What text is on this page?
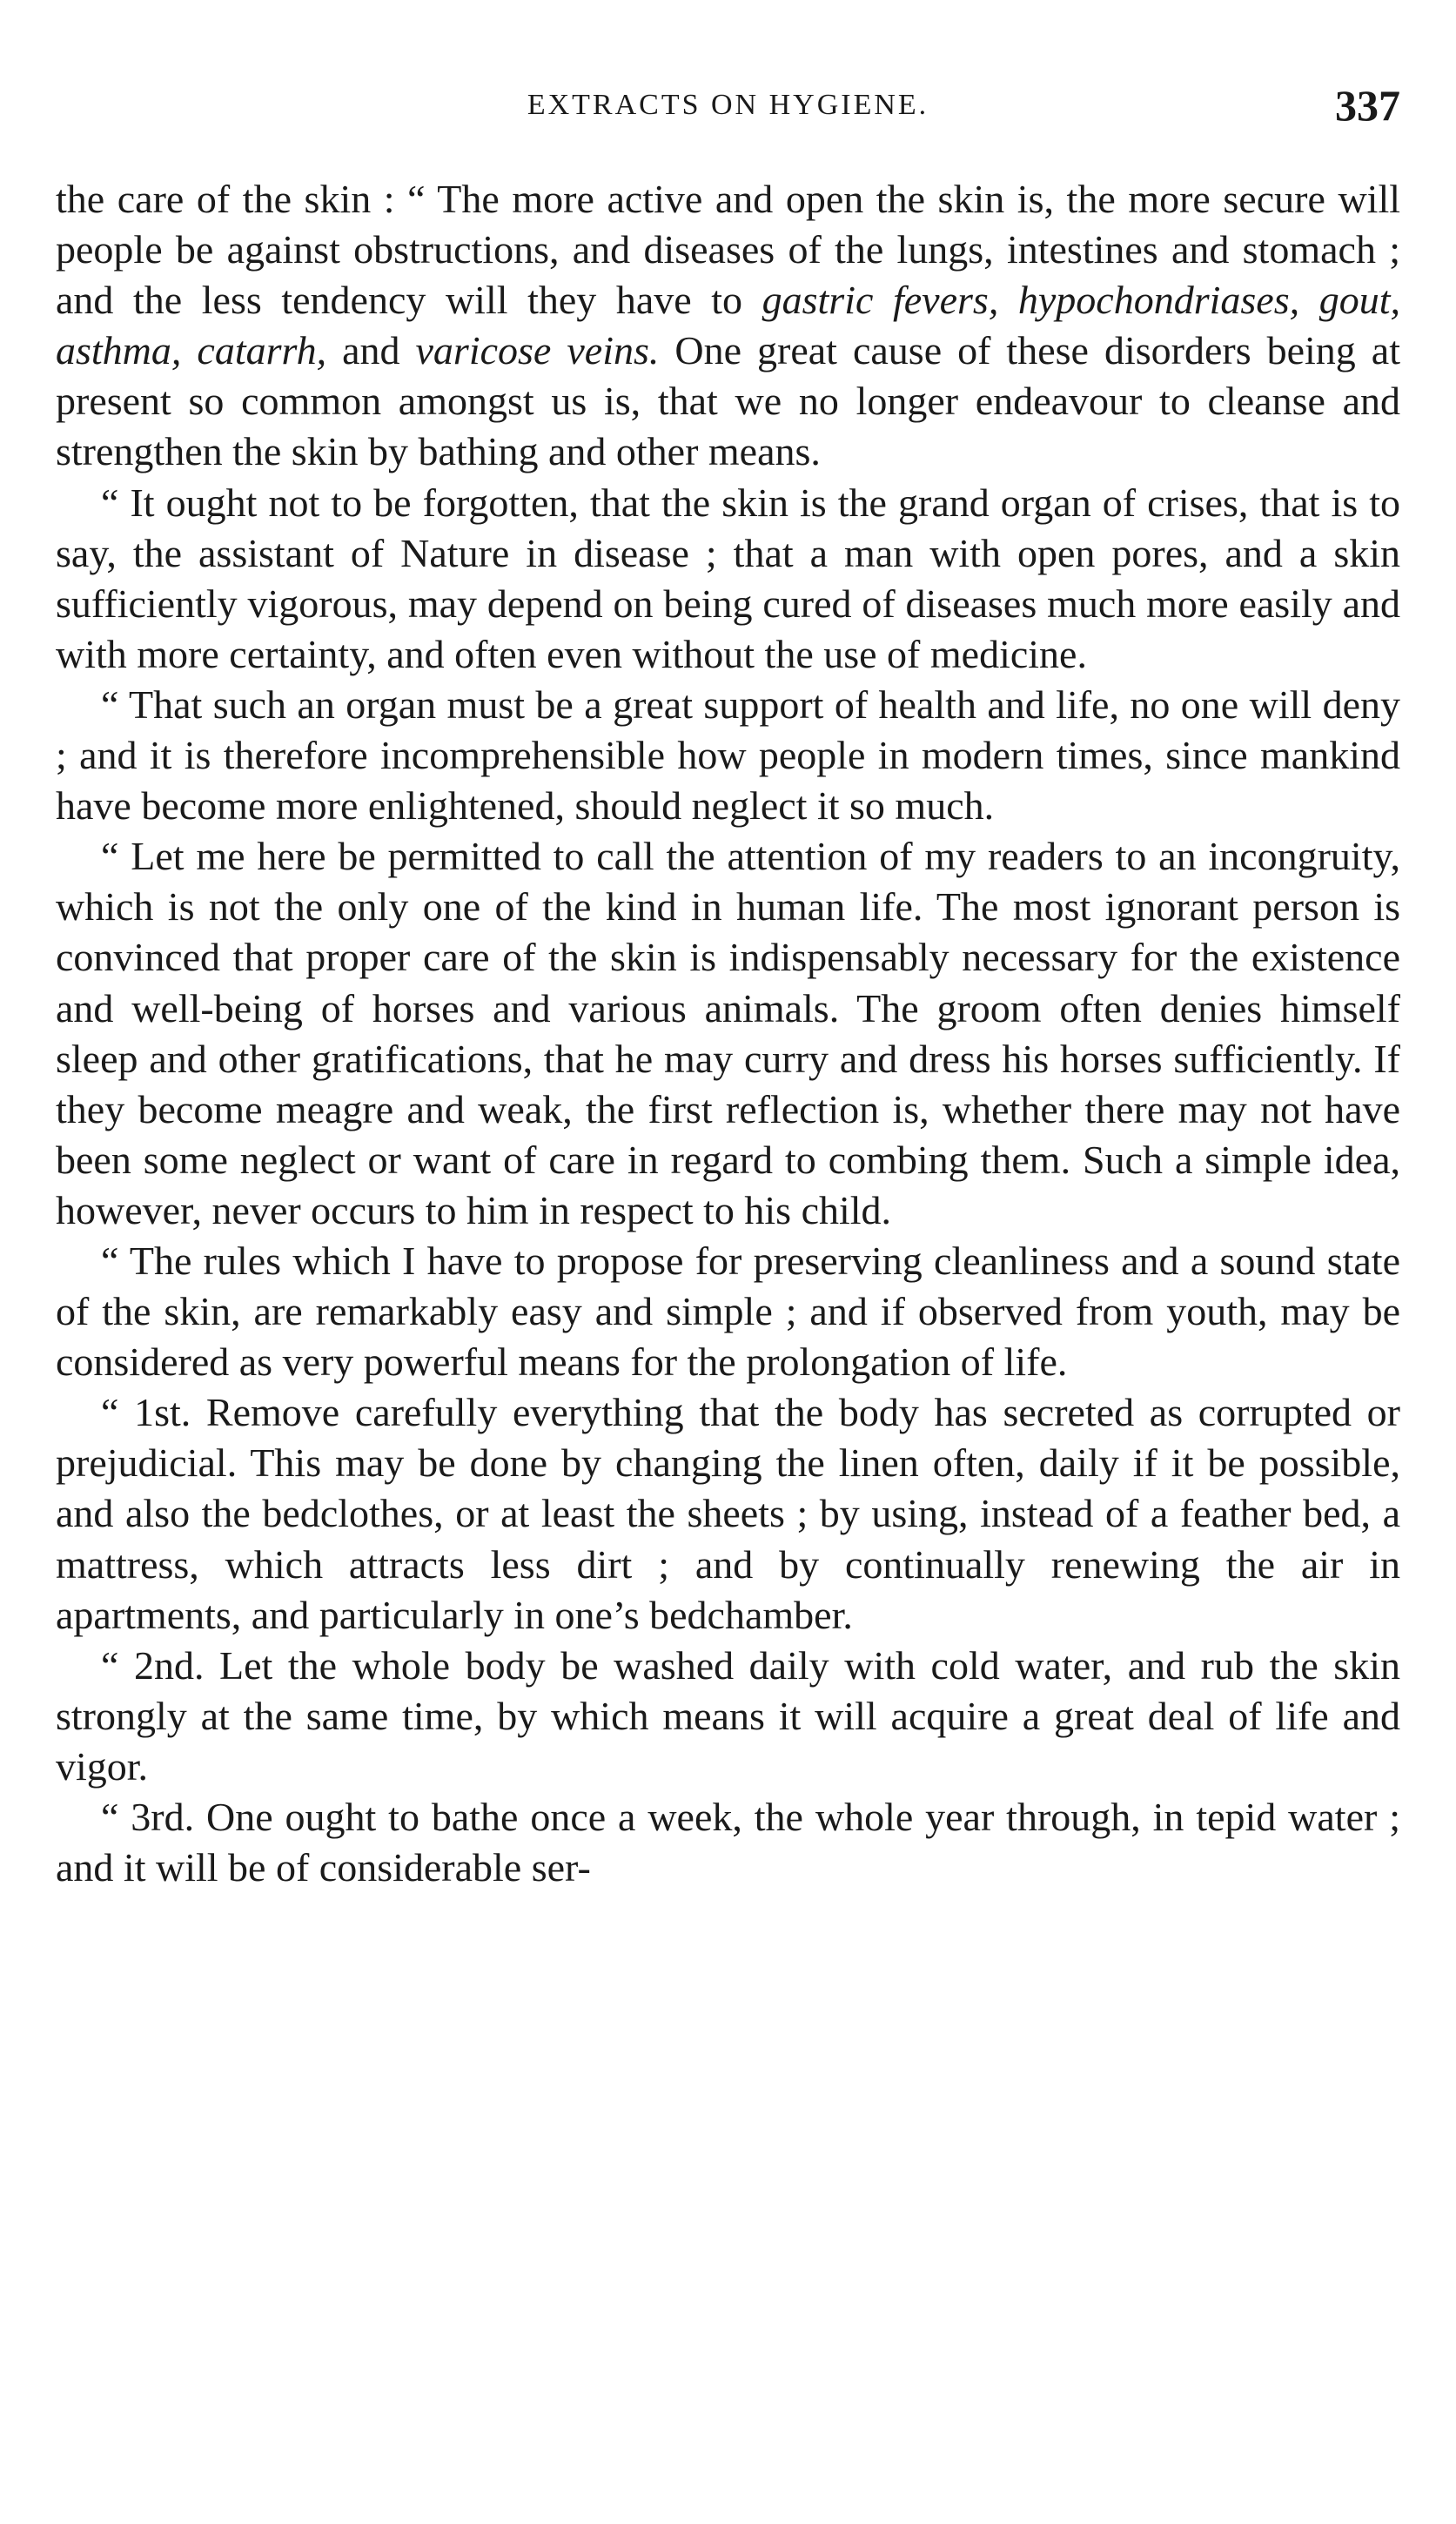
EXTRACTS ON HYGIENE.	337

the care of the skin : “ The more active and open the skin is, the more secure will people be against obstructions, and diseases of the lungs, intestines and stomach ; and the less tendency will they have to gastric fevers, hypochondriases, gout, asthma, catarrh, and varicose veins. One great cause of these disorders being at present so common amongst us is, that we no longer endeavour to cleanse and strengthen the skin by bathing and other means.

“ It ought not to be forgotten, that the skin is the grand organ of crises, that is to say, the assistant of Nature in disease ; that a man with open pores, and a skin sufficiently vigorous, may depend on being cured of diseases much more easily and with more certainty, and often even without the use of medicine.

“ That such an organ must be a great support of health and life, no one will deny ; and it is therefore incomprehensible how people in modern times, since mankind have become more enlightened, should neglect it so much.

“ Let me here be permitted to call the attention of my readers to an incongruity, which is not the only one of the kind in human life. The most ignorant person is convinced that proper care of the skin is indispensably necessary for the existence and well-being of horses and various animals. The groom often denies himself sleep and other gratifications, that he may curry and dress his horses sufficiently. If they become meagre and weak, the first reflection is, whether there may not have been some neglect or want of care in regard to combing them. Such a simple idea, however, never occurs to him in respect to his child.

“ The rules which I have to propose for preserving cleanliness and a sound state of the skin, are remarkably easy and simple ; and if observed from youth, may be considered as very powerful means for the prolongation of life.

“ 1st. Remove carefully everything that the body has secreted as corrupted or prejudicial. This may be done by changing the linen often, daily if it be possible, and also the bedclothes, or at least the sheets ; by using, instead of a feather bed, a mattress, which attracts less dirt ; and by continually renewing the air in apartments, and particularly in one’s bedchamber.

“ 2nd. Let the whole body be washed daily with cold water, and rub the skin strongly at the same time, by which means it will acquire a great deal of life and vigor.

“ 3rd. One ought to bathe once a week, the whole year through, in tepid water ; and it will be of considerable ser-
